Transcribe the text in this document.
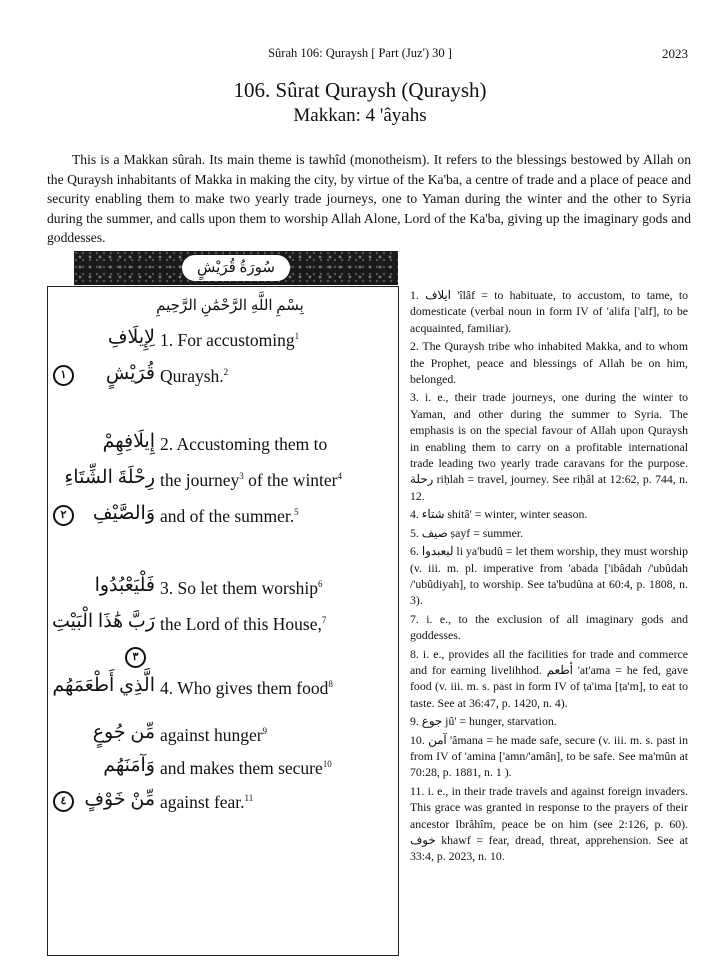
Sûrah 106: Quraysh [ Part (Juz') 30 ]	2023
106. Sûrat Quraysh (Quraysh)
Makkan: 4 'âyahs
This is a Makkan sûrah. Its main theme is tawhîd (monotheism). It refers to the blessings bestowed by Allah on the Quraysh inhabitants of Makka in making the city, by virtue of the Ka'ba, a centre of trade and a place of peace and security enabling them to make two yearly trade journeys, one to Yaman during the winter and the other to Syria during the summer, and calls upon them to worship Allah Alone, Lord of the Ka'ba, giving up the imaginary gods and goddesses.
سُورَةُ قُرَيْشٍ
بِسْمِ اللَّهِ الرَّحْمَٰنِ الرَّحِيمِ
لِإِيلَافِ 1. For accustoming$^1$
قُرَيْشٍ
١	Quraysh.$^2$
إِيلَافِهِمْ 2. Accustoming them to
رِحْلَةَ الشِّتَاءِ the journey$^3$ of the winter$^4$
وَالصَّيْفِ
٢	and of the summer.$^5$
فَلْيَعْبُدُوا 3. So let them worship$^6$
رَبَّ هَٰذَا الْبَيْتِ the Lord of this House,$^7$
٣
الَّذِي أَطْعَمَهُم 4. Who gives them food$^8$
مِّن جُوعٍ against hunger$^9$
وَآمَنَهُم and makes them secure$^{10}$
مِّنْ خَوْفٍ
٤	against fear.$^{11}$

1. ايلاف 'îlâf = to habituate, to accustom, to tame, to domesticate (verbal noun in form IV of 'alifa ['alf], to be acquainted, familiar).

2. The Quraysh tribe who inhabited Makka, and to whom the Prophet, peace and blessings of Allah be on him, belonged.

3. i. e., their trade journeys, one during the winter to Yaman, and other during the summer to Syria. The emphasis is on the special favour of Allah upon Quraysh in enabling them to carry on a profitable international trade leading two yearly trade caravans for the purpose. رحلة riḥlah = travel, journey. See riḥâl at 12:62, p. 744, n. 12.

4. شتاء shitâ' = winter, winter season.

5. صيف ṣayf = summer.

6. ليعبدوا li ya'budû = let them worship, they must worship (v. iii. m. pl. imperative from 'abada ['ibâdah /'ubûdah /'ubûdiyah], to worship. See ta'budûna at 60:4, p. 1808, n. 3).

7. i. e., to the exclusion of all imaginary gods and goddesses.

8. i. e., provides all the facilities for trade and commerce and for earning livelihhod. أطعم 'at'ama = he fed, gave food (v. iii. m. s. past in form IV of ṭa'ima [ṭa'm], to eat to taste. See at 36:47, p. 1420, n. 4).

9. جوع jû' = hunger, starvation.

10. آمن 'âmana = he made safe, secure (v. iii. m. s. past in from IV of 'amina ['amn/'amân], to be safe. See ma'mûn at 70:28, p. 1881, n. 1 ).

11. i. e., in their trade travels and against foreign invaders. This grace was granted in response to the prayers of their ancestor Ibrâhîm, peace be on him (see 2:126, p. 60). خوف khawf = fear, dread, threat, apprehension. See at 33:4, p. 2023, n. 10.
